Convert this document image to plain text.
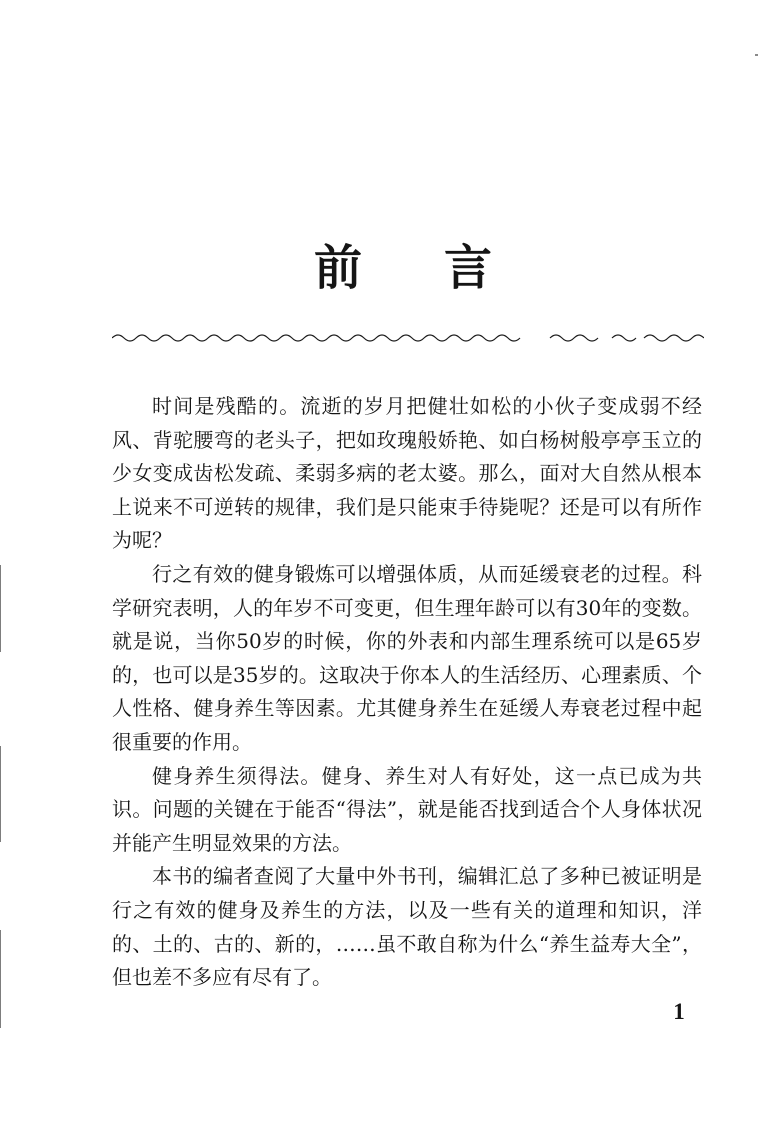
前 言

时间是残酷的。流逝的岁月把健壮如松的小伙子变成弱不经风、背驼腰弯的老头子，把如玫瑰般娇艳、如白杨树般亭亭玉立的少女变成齿松发疏、柔弱多病的老太婆。那么，面对大自然从根本上说来不可逆转的规律，我们是只能束手待毙呢？还是可以有所作为呢？

行之有效的健身锻炼可以增强体质，从而延缓衰老的过程。科学研究表明，人的年岁不可变更，但生理年龄可以有30年的变数。就是说，当你50岁的时候，你的外表和内部生理系统可以是65岁的，也可以是35岁的。这取决于你本人的生活经历、心理素质、个人性格、健身养生等因素。尤其健身养生在延缓人寿衰老过程中起很重要的作用。

健身养生须得法。健身、养生对人有好处，这一点已成为共识。问题的关键在于能否“得法”，就是能否找到适合个人身体状况并能产生明显效果的方法。

本书的编者查阅了大量中外书刊，编辑汇总了多种已被证明是行之有效的健身及养生的方法，以及一些有关的道理和知识，洋的、土的、古的、新的，……虽不敢自称为什么“养生益寿大全”，但也差不多应有尽有了。

1
